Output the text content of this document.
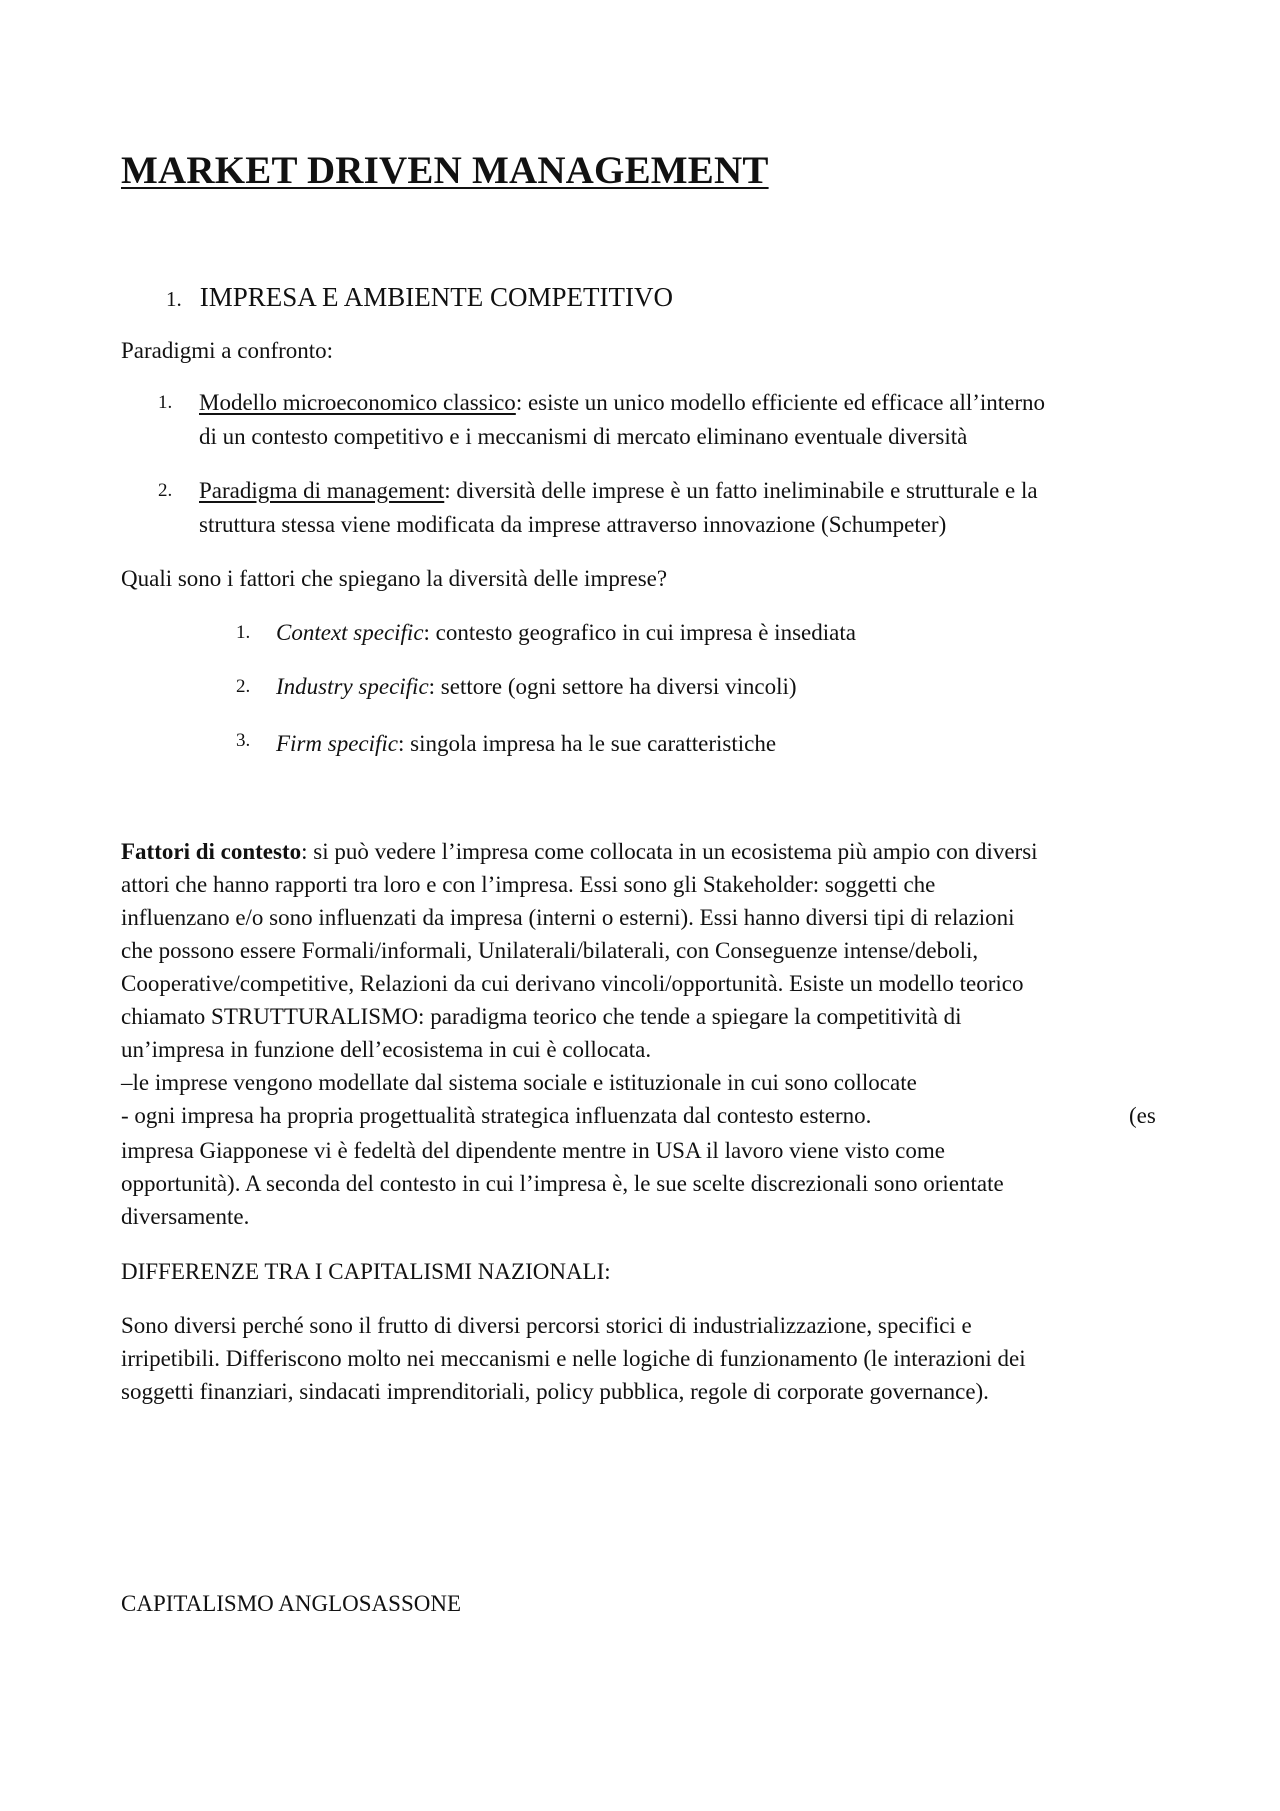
MARKET DRIVEN MANAGEMENT
1. IMPRESA E AMBIENTE COMPETITIVO
Paradigmi a confronto:
1. Modello microeconomico classico: esiste un unico modello efficiente ed efficace all’interno
di un contesto competitivo e i meccanismi di mercato eliminano eventuale diversità
2. Paradigma di management: diversità delle imprese è un fatto ineliminabile e strutturale e la
struttura stessa viene modificata da imprese attraverso innovazione (Schumpeter)
Quali sono i fattori che spiegano la diversità delle imprese?
1. Context specific: contesto geografico in cui impresa è insediata
2. Industry specific: settore (ogni settore ha diversi vincoli)
3. Firm specific: singola impresa ha le sue caratteristiche
Fattori di contesto: si può vedere l’impresa come collocata in un ecosistema più ampio con diversi
attori che hanno rapporti tra loro e con l’impresa. Essi sono gli Stakeholder: soggetti che
influenzano e/o sono influenzati da impresa (interni o esterni). Essi hanno diversi tipi di relazioni
che possono essere Formali/informali, Unilaterali/bilaterali, con Conseguenze intense/deboli,
Cooperative/competitive, Relazioni da cui derivano vincoli/opportunità. Esiste un modello teorico
chiamato STRUTTURALISMO: paradigma teorico che tende a spiegare la competitività di
un’impresa in funzione dell’ecosistema in cui è collocata.
–le imprese vengono modellate dal sistema sociale e istituzionale in cui sono collocate
- ogni impresa ha propria progettualità strategica influenzata dal contesto esterno.	(es
impresa Giapponese vi è fedeltà del dipendente mentre in USA il lavoro viene visto come
opportunità). A seconda del contesto in cui l’impresa è, le sue scelte discrezionali sono orientate
diversamente.
DIFFERENZE TRA I CAPITALISMI NAZIONALI:
Sono diversi perché sono il frutto di diversi percorsi storici di industrializzazione, specifici e
irripetibili. Differiscono molto nei meccanismi e nelle logiche di funzionamento (le interazioni dei
soggetti finanziari, sindacati imprenditoriali, policy pubblica, regole di corporate governance).
CAPITALISMO ANGLOSASSONE
